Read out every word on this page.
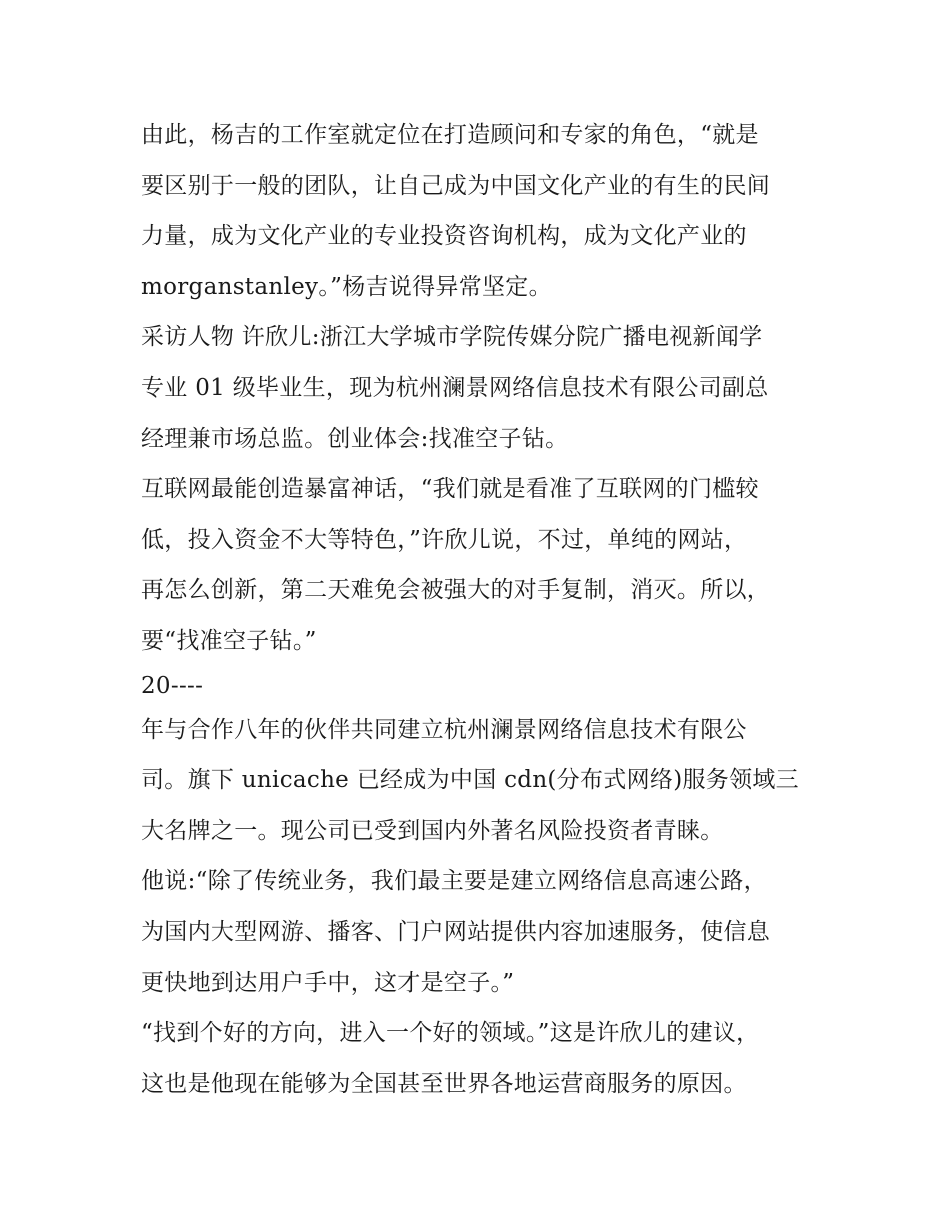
由此，杨吉的工作室就定位在打造顾问和专家的角色，“就是
要区别于一般的团队，让自己成为中国文化产业的有生的民间
力量，成为文化产业的专业投资咨询机构，成为文化产业的
morganstanley。”杨吉说得异常坚定。

采访人物 许欣儿:浙江大学城市学院传媒分院广播电视新闻学
专业 01 级毕业生，现为杭州澜景网络信息技术有限公司副总
经理兼市场总监。创业体会:找准空子钻。

互联网最能创造暴富神话，“我们就是看准了互联网的门槛较
低，投入资金不大等特色，”许欣儿说，不过，单纯的网站，
再怎么创新，第二天难免会被强大的对手复制，消灭。所以，
要“找准空子钻。”

20----

年与合作八年的伙伴共同建立杭州澜景网络信息技术有限公
司。旗下 unicache 已经成为中国 cdn(分布式网络)服务领域三
大名牌之一。现公司已受到国内外著名风险投资者青睐。

他说:“除了传统业务，我们最主要是建立网络信息高速公路，
为国内大型网游、播客、门户网站提供内容加速服务，使信息
更快地到达用户手中，这才是空子。”

“找到个好的方向，进入一个好的领域。”这是许欣儿的建议，
这也是他现在能够为全国甚至世界各地运营商服务的原因。
